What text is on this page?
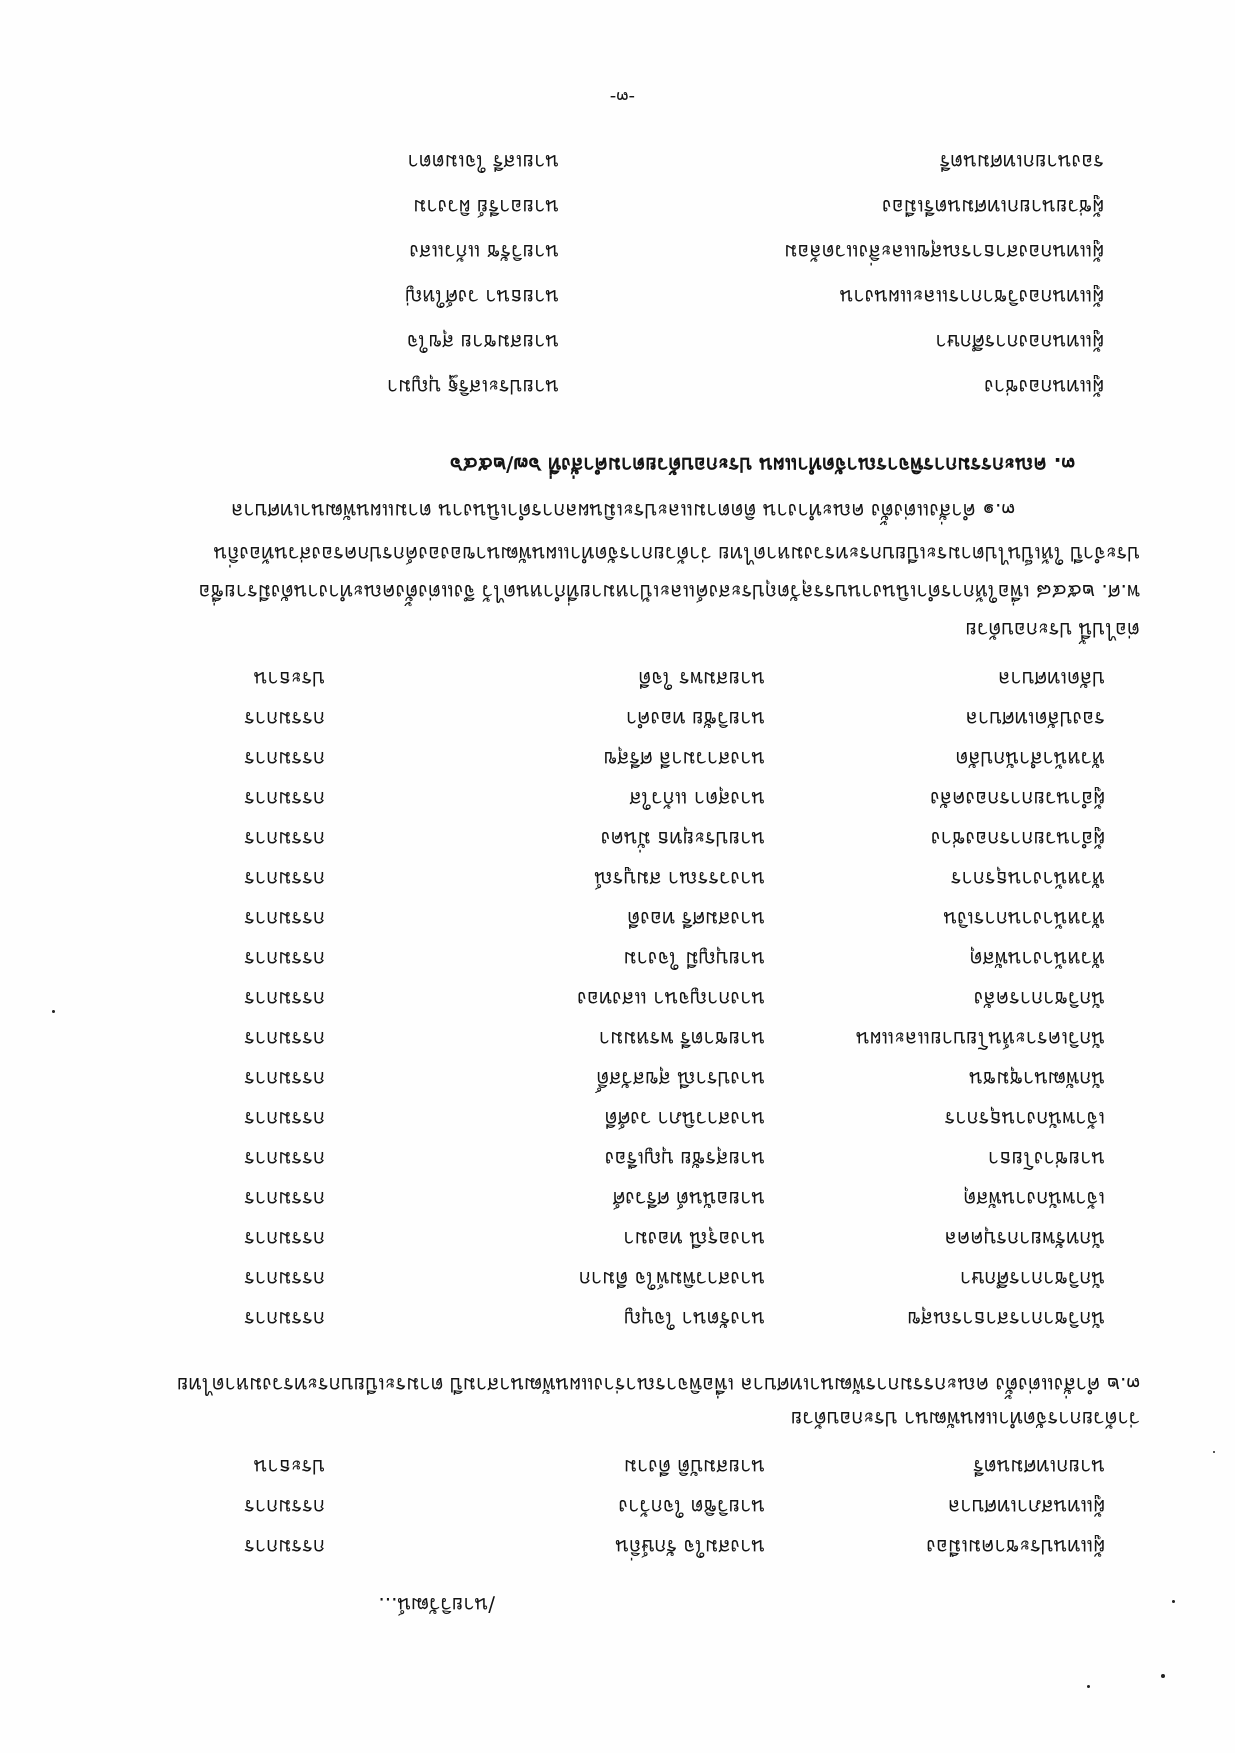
-๓-
รองนายกเทศมนตรี
นายเสรี ใจเมตตา
ผู้ช่วยนายกเทศมนตรีเมือง
นายอารีย์ ผิวงาม
ผู้แทนกองสาธารณสุขและสิ่งแวดล้อม
นายวิรัช แก้วแสง
ผู้แทนกองวิชาการและแผนงาน
นายธนา วงศ์ใหญ่
ผู้แทนกองการศึกษา
นายสมชาย สุขใจ
ผู้แทนกองช่าง
นายประเสริฐ บุญมา
๓. คณะกรรมการพิจารณาจัดทำแผน ประกอบด้วยตามคำสั่งที่ ๖๗/๒๕๔๖
๓.๑ คำสั่งแต่งตั้ง คณะทำงาน ติดตามและประเมินผลการดำเนินงาน ตามแผนพัฒนาเทศบาล
ประจำปี ให้เป็นไปตามระเบียบกระทรวงมหาดไทย ว่าด้วยการจัดทำแผนพัฒนาขององค์กรปกครองส่วนท้องถิ่น
พ.ศ. ๒๕๔๘ เพื่อให้การดำเนินงานบรรลุวัตถุประสงค์และเป้าหมายที่กำหนดไว้ จึงแต่งตั้งคณะทำงานดังมีรายชื่อ
ต่อไปนี้ ประกอบด้วย
ปลัดเทศบาล
นายสมพร ใจดี
ประธาน
รองปลัดเทศบาล
นายวิชัย ทองคำ
กรรมการ
หัวหน้าสำนักปลัด
นางสาวมาลี ศรีสุข
กรรมการ
ผู้อำนวยการกองคลัง
นางสุดา แก้วใส
กรรมการ
ผู้อำนวยการกองช่าง
นายประยุทธ มั่นคง
กรรมการ
หัวหน้างานธุรการ
นางวรรณา สมบูรณ์
กรรมการ
หัวหน้างานการเงิน
นางสมศรี ทองดี
กรรมการ
หัวหน้างานพัสดุ
นายบุญมี ใจงาม
กรรมการ
นักวิชาการคลัง
นางกาญจนา แสงทอง
กรรมการ
นักวิเคราะห์นโยบายและแผน
นายชาตรี พรหมมา
กรรมการ
นักพัฒนาชุมชน
นางปราณี สุขสวัสดิ์
กรรมการ
เจ้าพนักงานธุรการ
นางสาวนิภา วงศ์ดี
กรรมการ
นายช่างโยธา
นายสุรชัย บุญเรือง
กรรมการ
เจ้าพนักงานพัสดุ
นายอนันต์ ศรีวงศ์
กรรมการ
นักทรัพยากรบุคคล
นางอรุณี ทองมา
กรรมการ
นักวิชาการศึกษา
นางสาวพิมพ์ใจ ดีมาก
กรรมการ
นักวิชาการสาธารณสุข
นางรัตนา ใจบุญ
กรรมการ
๓.๒ คำสั่งแต่งตั้ง คณะกรรมการพัฒนาเทศบาล เพื่อพิจารณาร่างแผนพัฒนาสามปี ตามระเบียบกระทรวงมหาดไทย
ว่าด้วยการจัดทำแผนพัฒนา ประกอบด้วย
นายกเทศมนตรี
นายสมบัติ ดีงาม
ประธาน
ผู้แทนสภาเทศบาล
นายวิชิต ใจกว้าง
กรรมการ
ผู้แทนประชาคมเมือง
นางสมใจ รักษ์ถิ่น
กรรมการ
/นายวิวัฒน์...
